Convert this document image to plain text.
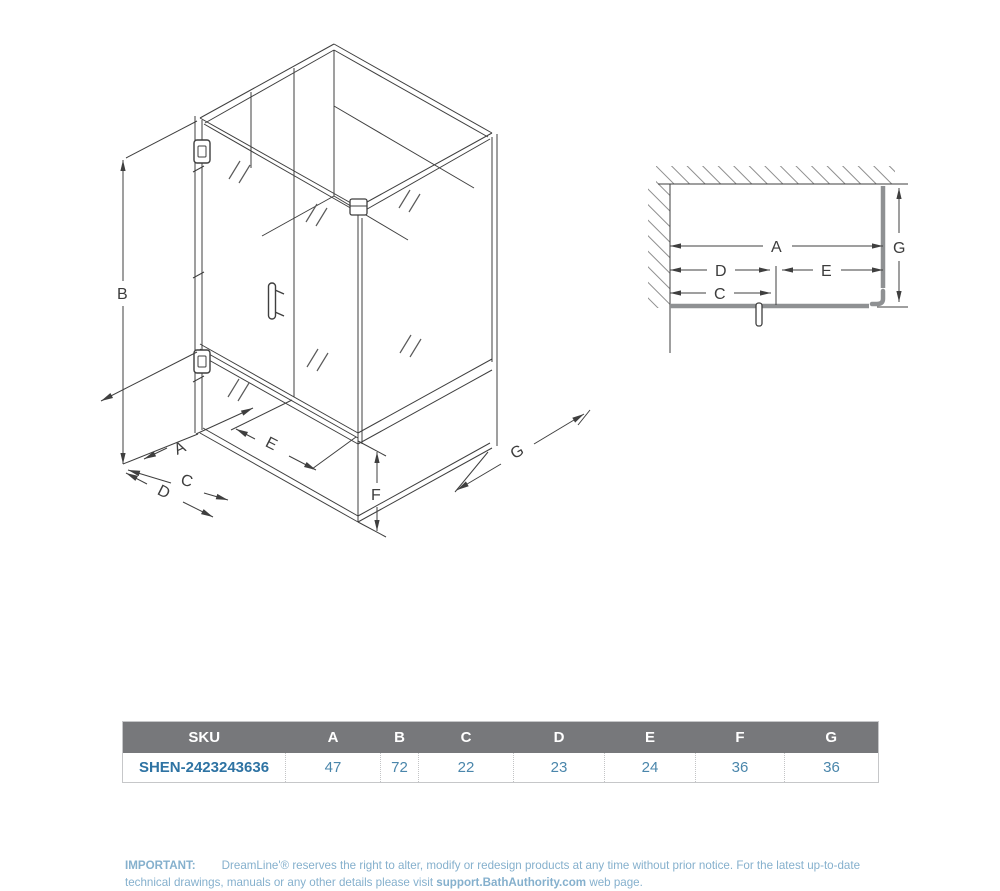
B
A
C
D
E
F
G
A
D	E
C
G
SKU	A	B	C	D	E	F	G
SHEN-2423243636	47	72	22	23	24	36	36

IMPORTANT: DreamLine'® reserves the right to alter, modify or redesign products at any time without prior notice. For the latest up-to-date technical drawings, manuals or any other details please visit support.BathAuthority.com web page.
